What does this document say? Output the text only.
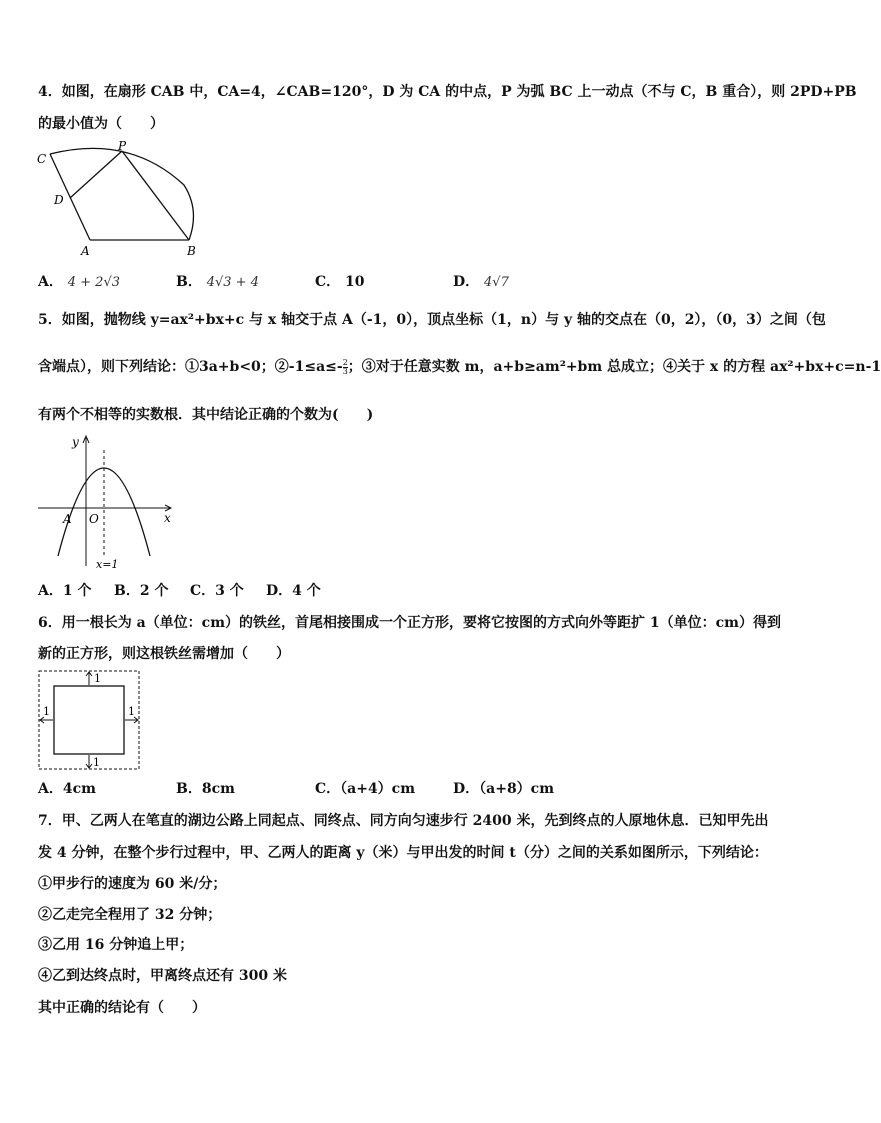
4．如图，在扇形 CAB 中，CA=4，∠CAB=120°，D 为 CA 的中点，P 为弧 BC 上一动点（不与 C，B 重合），则 2PD+PB
的最小值为（　　）
C
P
D
A	B
A． 4 + 2√3	B． 4√3 + 4	C． 10	D． 4√7
5．如图，抛物线 y=ax²+bx+c 与 x 轴交于点 A（-1，0），顶点坐标（1，n）与 y 轴的交点在（0，2），（0，3）之间（包
含端点），则下列结论：①3a+b<0；②-1≤a≤- $\frac{2}{3}$ ；③对于任意实数 m，a+b≥am²+bm 总成立；④关于 x 的方程 ax²+bx+c=n-1
有两个不相等的实数根．其中结论正确的个数为(　　)
y
x
A O
x=1
A．1 个 B．2 个 C．3 个 D．4 个
6．用一根长为 a（单位：cm）的铁丝，首尾相接围成一个正方形，要将它按图的方式向外等距扩 1（单位：cm）得到
新的正方形，则这根铁丝需增加（　　）
1
1	1
1
A．4cm	B．8cm	C．（a+4）cm	D．（a+8）cm
7．甲、乙两人在笔直的湖边公路上同起点、同终点、同方向匀速步行 2400 米，先到终点的人原地休息．已知甲先出
发 4 分钟，在整个步行过程中，甲、乙两人的距离 y（米）与甲出发的时间 t（分）之间的关系如图所示，下列结论：
①甲步行的速度为 60 米/分；
②乙走完全程用了 32 分钟；
③乙用 16 分钟追上甲；
④乙到达终点时，甲离终点还有 300 米
其中正确的结论有（　　）
